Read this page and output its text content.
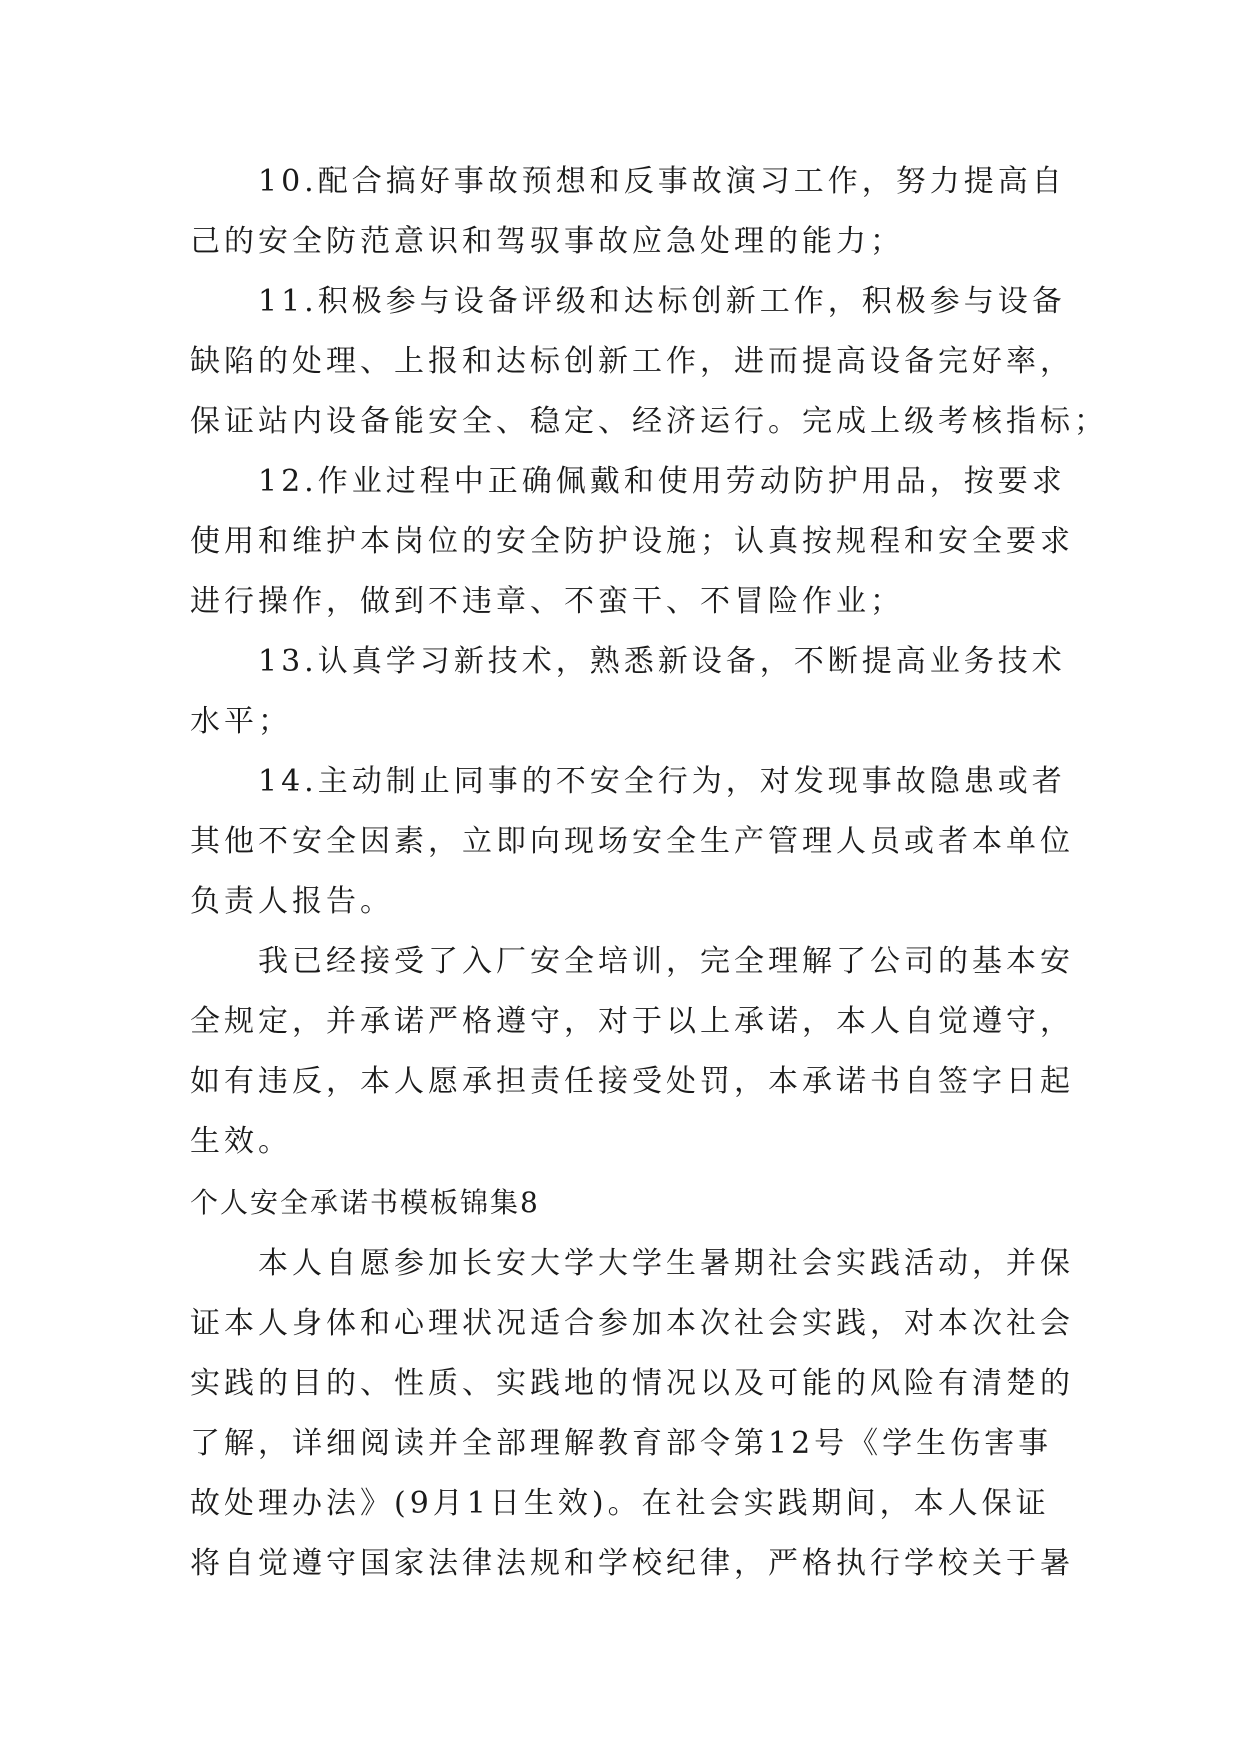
10.配合搞好事故预想和反事故演习工作，努力提高自
己的安全防范意识和驾驭事故应急处理的能力；
11.积极参与设备评级和达标创新工作，积极参与设备
缺陷的处理、上报和达标创新工作，进而提高设备完好率，
保证站内设备能安全、稳定、经济运行。完成上级考核指标；
12.作业过程中正确佩戴和使用劳动防护用品，按要求
使用和维护本岗位的安全防护设施；认真按规程和安全要求
进行操作，做到不违章、不蛮干、不冒险作业；
13.认真学习新技术，熟悉新设备，不断提高业务技术
水平；
14.主动制止同事的不安全行为，对发现事故隐患或者
其他不安全因素，立即向现场安全生产管理人员或者本单位
负责人报告。
我已经接受了入厂安全培训，完全理解了公司的基本安
全规定，并承诺严格遵守，对于以上承诺，本人自觉遵守，
如有违反，本人愿承担责任接受处罚，本承诺书自签字日起
生效。
个人安全承诺书模板锦集8
本人自愿参加长安大学大学生暑期社会实践活动，并保
证本人身体和心理状况适合参加本次社会实践，对本次社会
实践的目的、性质、实践地的情况以及可能的风险有清楚的
了解，详细阅读并全部理解教育部令第12号《学生伤害事
故处理办法》(9月1日生效)。在社会实践期间，本人保证
将自觉遵守国家法律法规和学校纪律，严格执行学校关于暑
